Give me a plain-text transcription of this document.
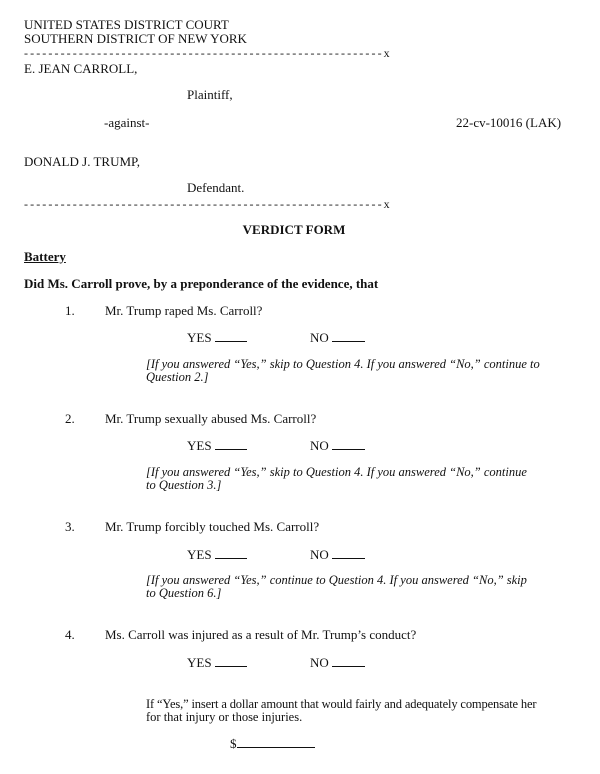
UNITED STATES DISTRICT COURT
SOUTHERN DISTRICT OF NEW YORK
-----------------------------------------------------------x
E. JEAN CARROLL,
Plaintiff,
-against-	22-cv-10016 (LAK)
DONALD J. TRUMP,
Defendant.
-----------------------------------------------------------x
VERDICT FORM
Battery
Did Ms. Carroll prove, by a preponderance of the evidence, that
1. Mr. Trump raped Ms. Carroll?
YES	NO
[If you answered “Yes,” skip to Question 4. If you answered “No,” continue to
Question 2.]
2. Mr. Trump sexually abused Ms. Carroll?
YES	NO
[If you answered “Yes,” skip to Question 4. If you answered “No,” continue
to Question 3.]
3. Mr. Trump forcibly touched Ms. Carroll?
YES	NO
[If you answered “Yes,” continue to Question 4. If you answered “No,” skip
to Question 6.]
4. Ms. Carroll was injured as a result of Mr. Trump’s conduct?
YES	NO
If “Yes,” insert a dollar amount that would fairly and adequately compensate her
for that injury or those injuries.
$
